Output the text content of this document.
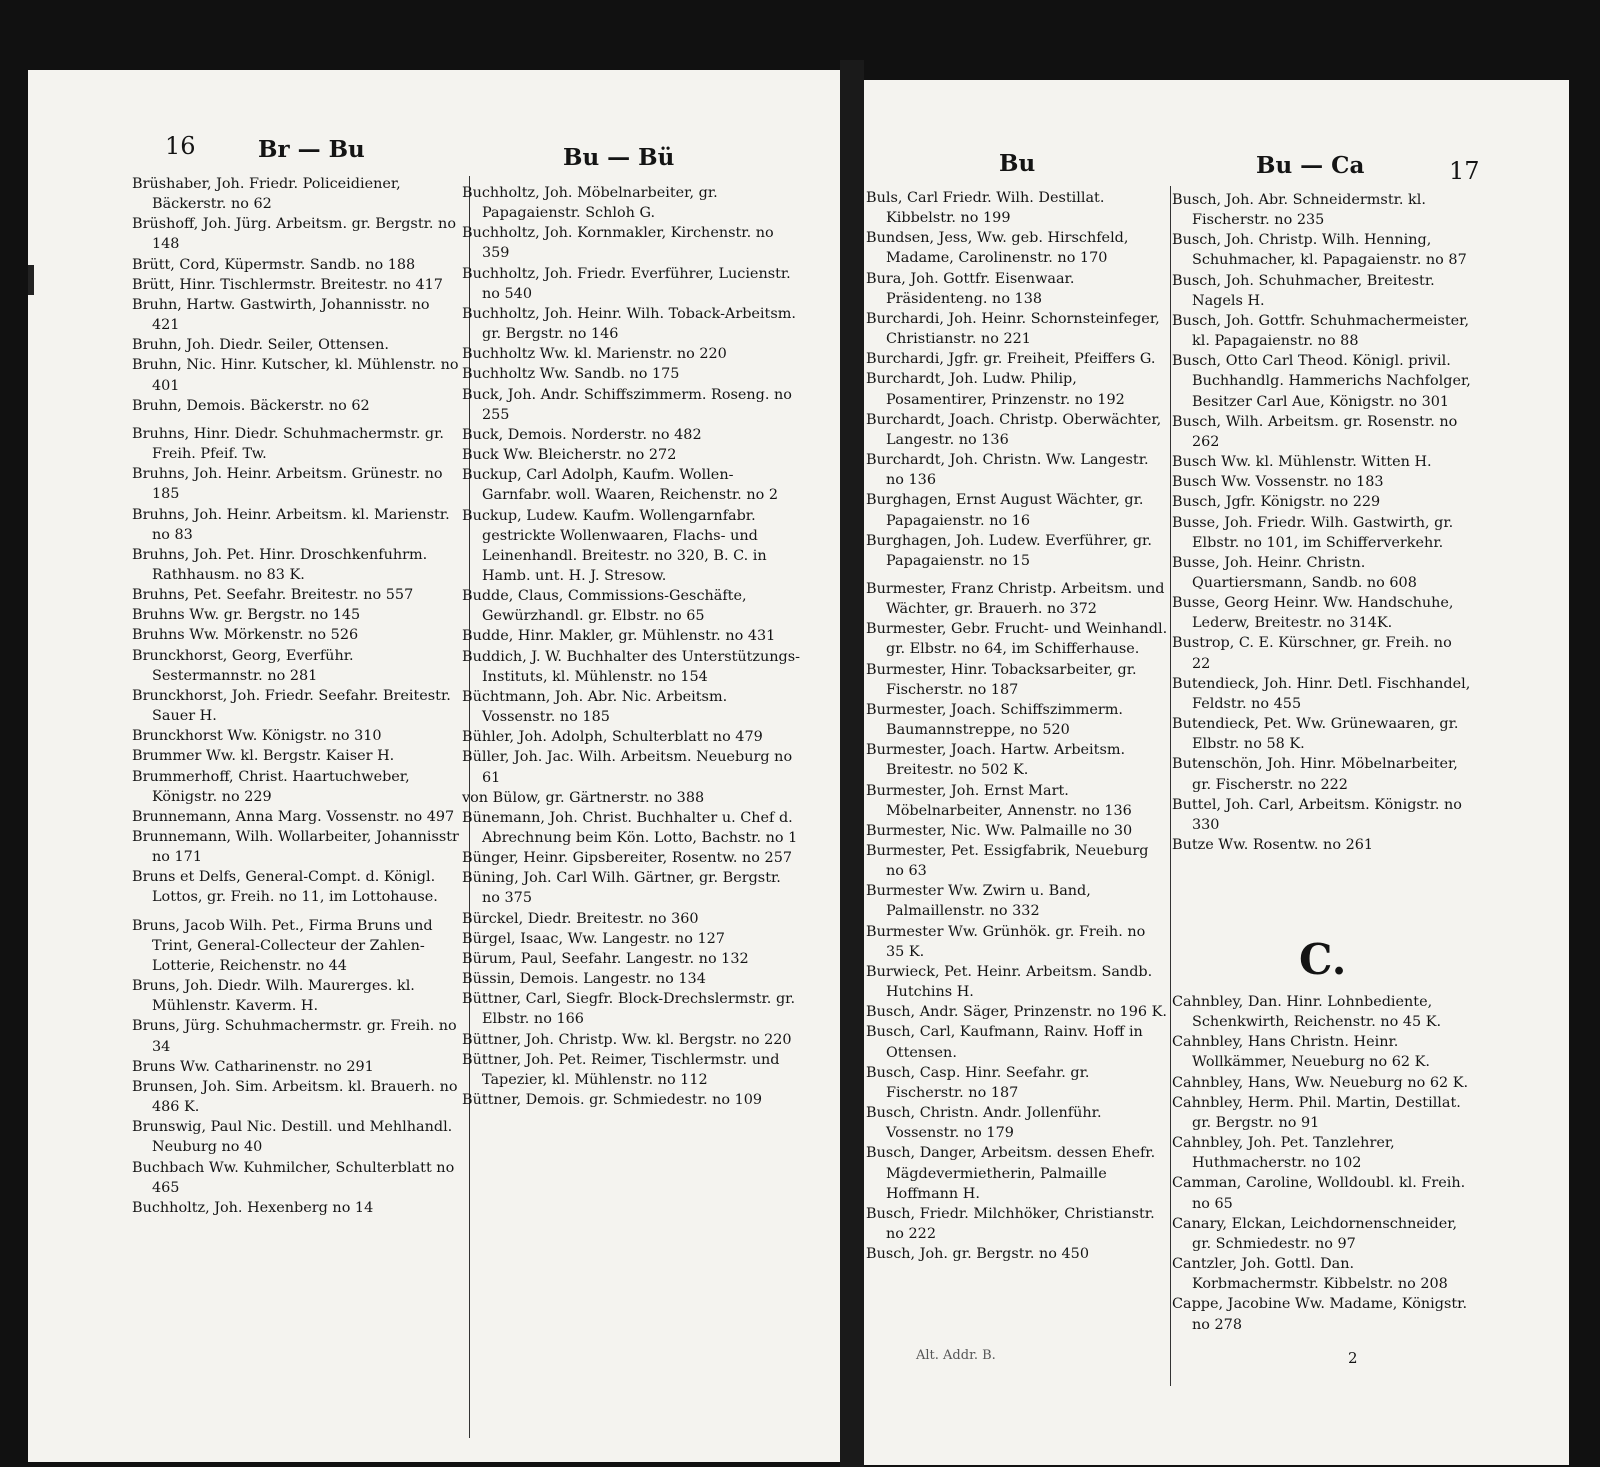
16	Br — Bu	Bu — Bü
Brüshaber, Joh. Friedr. Policeidiener, Bäckerstr. no 62
Brüshoff, Joh. Jürg. Arbeitsm. gr. Bergstr. no 148
Brütt, Cord, Küpermstr. Sandb. no 188
Brütt, Hinr. Tischlermstr. Breitestr. no 417
Bruhn, Hartw. Gastwirth, Johannisstr. no 421
Bruhn, Joh. Diedr. Seiler, Ottensen.
Bruhn, Nic. Hinr. Kutscher, kl. Mühlenstr. no 401
Bruhn, Demois. Bäckerstr. no 62
Bruhns, Hinr. Diedr. Schuhmachermstr. gr. Freih. Pfeif. Tw.
Bruhns, Joh. Heinr. Arbeitsm. Grünestr. no 185
Bruhns, Joh. Heinr. Arbeitsm. kl. Marienstr. no 83
Bruhns, Joh. Pet. Hinr. Droschkenfuhrm. Rathhausm. no 83 K.
Bruhns, Pet. Seefahr. Breitestr. no 557
Bruhns Ww. gr. Bergstr. no 145
Bruhns Ww. Mörkenstr. no 526
Brunckhorst, Georg, Everführ. Sestermannstr. no 281
Brunckhorst, Joh. Friedr. Seefahr. Breitestr. Sauer H.
Brunckhorst Ww. Königstr. no 310
Brummer Ww. kl. Bergstr. Kaiser H.
Brummerhoff, Christ. Haartuchweber, Königstr. no 229
Brunnemann, Anna Marg. Vossenstr. no 497
Brunnemann, Wilh. Wollarbeiter, Johannisstr no 171
Bruns et Delfs, General-Compt. d. Königl. Lottos, gr. Freih. no 11, im Lottohause.
Bruns, Jacob Wilh. Pet., Firma Bruns und Trint, General-Collecteur der Zahlen-Lotterie, Reichenstr. no 44
Bruns, Joh. Diedr. Wilh. Maurerges. kl. Mühlenstr. Kaverm. H.
Bruns, Jürg. Schuhmachermstr. gr. Freih. no 34
Bruns Ww. Catharinenstr. no 291
Brunsen, Joh. Sim. Arbeitsm. kl. Brauerh. no 486 K.
Brunswig, Paul Nic. Destill. und Mehlhandl. Neuburg no 40
Buchbach Ww. Kuhmilcher, Schulterblatt no 465
Buchholtz, Joh. Hexenberg no 14
Buchholtz, Joh. Möbelnarbeiter, gr. Papagaienstr. Schloh G.
Buchholtz, Joh. Kornmakler, Kirchenstr. no 359
Buchholtz, Joh. Friedr. Everführer, Lucienstr. no 540
Buchholtz, Joh. Heinr. Wilh. Toback-Arbeitsm. gr. Bergstr. no 146
Buchholtz Ww. kl. Marienstr. no 220
Buchholtz Ww. Sandb. no 175
Buck, Joh. Andr. Schiffszimmerm. Roseng. no 255
Buck, Demois. Norderstr. no 482
Buck Ww. Bleicherstr. no 272
Buckup, Carl Adolph, Kaufm. Wollen-Garnfabr. woll. Waaren, Reichenstr. no 2
Buckup, Ludew. Kaufm. Wollengarnfabr. gestrickte Wollenwaaren, Flachs- und Leinenhandl. Breitestr. no 320, B. C. in Hamb. unt. H. J. Stresow.
Budde, Claus, Commissions-Geschäfte, Gewürzhandl. gr. Elbstr. no 65
Budde, Hinr. Makler, gr. Mühlenstr. no 431
Buddich, J. W. Buchhalter des Unterstützungs-Instituts, kl. Mühlenstr. no 154
Büchtmann, Joh. Abr. Nic. Arbeitsm. Vossenstr. no 185
Bühler, Joh. Adolph, Schulterblatt no 479
Büller, Joh. Jac. Wilh. Arbeitsm. Neueburg no 61
von Bülow, gr. Gärtnerstr. no 388
Bünemann, Joh. Christ. Buchhalter u. Chef d. Abrechnung beim Kön. Lotto, Bachstr. no 1
Bünger, Heinr. Gipsbereiter, Rosentw. no 257
Büning, Joh. Carl Wilh. Gärtner, gr. Bergstr. no 375
Bürckel, Diedr. Breitestr. no 360
Bürgel, Isaac, Ww. Langestr. no 127
Bürum, Paul, Seefahr. Langestr. no 132
Büssin, Demois. Langestr. no 134
Büttner, Carl, Siegfr. Block-Drechslermstr. gr. Elbstr. no 166
Büttner, Joh. Christp. Ww. kl. Bergstr. no 220
Büttner, Joh. Pet. Reimer, Tischlermstr. und Tapezier, kl. Mühlenstr. no 112
Büttner, Demois. gr. Schmiedestr. no 109
Bu	Bu — Ca	17
Buls, Carl Friedr. Wilh. Destillat. Kibbelstr. no 199
Bundsen, Jess, Ww. geb. Hirschfeld, Madame, Carolinenstr. no 170
Bura, Joh. Gottfr. Eisenwaar. Präsidenteng. no 138
Burchardi, Joh. Heinr. Schornsteinfeger, Christianstr. no 221
Burchardi, Jgfr. gr. Freiheit, Pfeiffers G.
Burchardt, Joh. Ludw. Philip, Posamentirer, Prinzenstr. no 192
Burchardt, Joach. Christp. Oberwächter, Langestr. no 136
Burchardt, Joh. Christn. Ww. Langestr. no 136
Burghagen, Ernst August Wächter, gr. Papagaienstr. no 16
Burghagen, Joh. Ludew. Everführer, gr. Papagaienstr. no 15
Burmester, Franz Christp. Arbeitsm. und Wächter, gr. Brauerh. no 372
Burmester, Gebr. Frucht- und Weinhandl. gr. Elbstr. no 64, im Schifferhause.
Burmester, Hinr. Tobacksarbeiter, gr. Fischerstr. no 187
Burmester, Joach. Schiffszimmerm. Baumannstreppe, no 520
Burmester, Joach. Hartw. Arbeitsm. Breitestr. no 502 K.
Burmester, Joh. Ernst Mart. Möbelnarbeiter, Annenstr. no 136
Burmester, Nic. Ww. Palmaille no 30
Burmester, Pet. Essigfabrik, Neueburg no 63
Burmester Ww. Zwirn u. Band, Palmaillenstr. no 332
Burmester Ww. Grünhök. gr. Freih. no 35 K.
Burwieck, Pet. Heinr. Arbeitsm. Sandb. Hutchins H.
Busch, Andr. Säger, Prinzenstr. no 196 K.
Busch, Carl, Kaufmann, Rainv. Hoff in Ottensen.
Busch, Casp. Hinr. Seefahr. gr. Fischerstr. no 187
Busch, Christn. Andr. Jollenführ. Vossenstr. no 179
Busch, Danger, Arbeitsm. dessen Ehefr. Mägdevermietherin, Palmaille Hoffmann H.
Busch, Friedr. Milchhöker, Christianstr. no 222
Busch, Joh. gr. Bergstr. no 450
Busch, Joh. Abr. Schneidermstr. kl. Fischerstr. no 235
Busch, Joh. Christp. Wilh. Henning, Schuhmacher, kl. Papagaienstr. no 87
Busch, Joh. Schuhmacher, Breitestr. Nagels H.
Busch, Joh. Gottfr. Schuhmachermeister, kl. Papagaienstr. no 88
Busch, Otto Carl Theod. Königl. privil. Buchhandlg. Hammerichs Nachfolger, Besitzer Carl Aue, Königstr. no 301
Busch, Wilh. Arbeitsm. gr. Rosenstr. no 262
Busch Ww. kl. Mühlenstr. Witten H.
Busch Ww. Vossenstr. no 183
Busch, Jgfr. Königstr. no 229
Busse, Joh. Friedr. Wilh. Gastwirth, gr. Elbstr. no 101, im Schifferverkehr.
Busse, Joh. Heinr. Christn. Quartiersmann, Sandb. no 608
Busse, Georg Heinr. Ww. Handschuhe, Lederw, Breitestr. no 314K.
Bustrop, C. E. Kürschner, gr. Freih. no 22
Butendieck, Joh. Hinr. Detl. Fischhandel, Feldstr. no 455
Butendieck, Pet. Ww. Grünewaaren, gr. Elbstr. no 58 K.
Butenschön, Joh. Hinr. Möbelnarbeiter, gr. Fischerstr. no 222
Buttel, Joh. Carl, Arbeitsm. Königstr. no 330
Butze Ww. Rosentw. no 261
C.
Cahnbley, Dan. Hinr. Lohnbediente, Schenkwirth, Reichenstr. no 45 K.
Cahnbley, Hans Christn. Heinr. Wollkämmer, Neueburg no 62 K.
Cahnbley, Hans, Ww. Neueburg no 62 K.
Cahnbley, Herm. Phil. Martin, Destillat. gr. Bergstr. no 91
Cahnbley, Joh. Pet. Tanzlehrer, Huthmacherstr. no 102
Camman, Caroline, Wolldoubl. kl. Freih. no 65
Canary, Elckan, Leichdornenschneider, gr. Schmiedestr. no 97
Cantzler, Joh. Gottl. Dan. Korbmachermstr. Kibbelstr. no 208
Cappe, Jacobine Ww. Madame, Königstr. no 278
Alt. Addr. B.	2
